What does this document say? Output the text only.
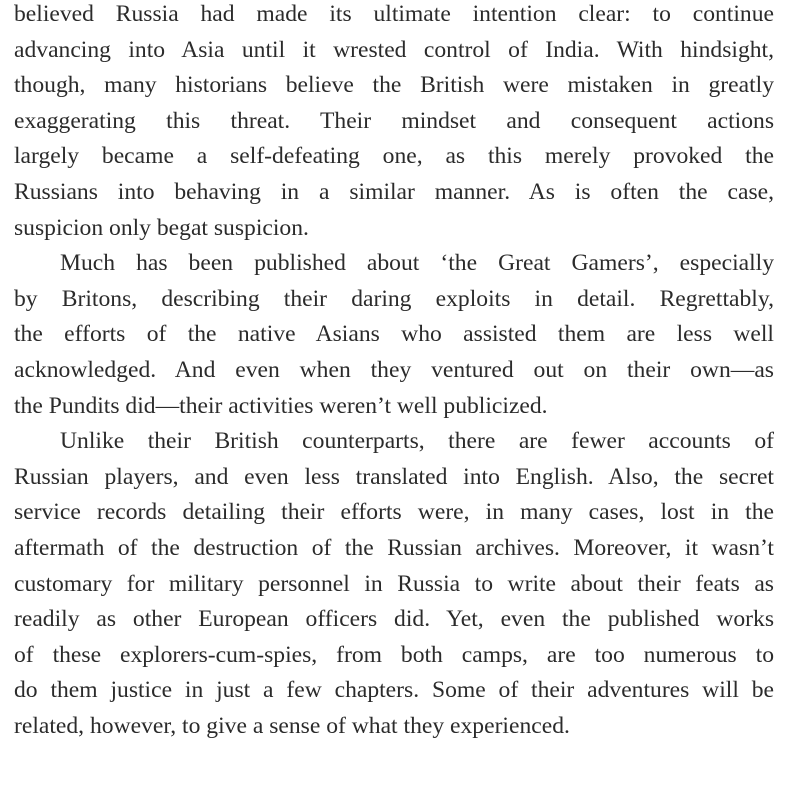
believed Russia had made its ultimate intention clear: to continue
advancing into Asia until it wrested control of India. With hindsight,
though, many historians believe the British were mistaken in greatly
exaggerating this threat. Their mindset and consequent actions
largely became a self-defeating one, as this merely provoked the
Russians into behaving in a similar manner. As is often the case,
suspicion only begat suspicion.
Much has been published about ‘the Great Gamers’, especially
by Britons, describing their daring exploits in detail. Regrettably,
the efforts of the native Asians who assisted them are less well
acknowledged. And even when they ventured out on their own—as
the Pundits did—their activities weren’t well publicized.
Unlike their British counterparts, there are fewer accounts of
Russian players, and even less translated into English. Also, the secret
service records detailing their efforts were, in many cases, lost in the
aftermath of the destruction of the Russian archives. Moreover, it wasn’t
customary for military personnel in Russia to write about their feats as
readily as other European officers did. Yet, even the published works
of these explorers-cum-spies, from both camps, are too numerous to
do them justice in just a few chapters. Some of their adventures will be
related, however, to give a sense of what they experienced.
